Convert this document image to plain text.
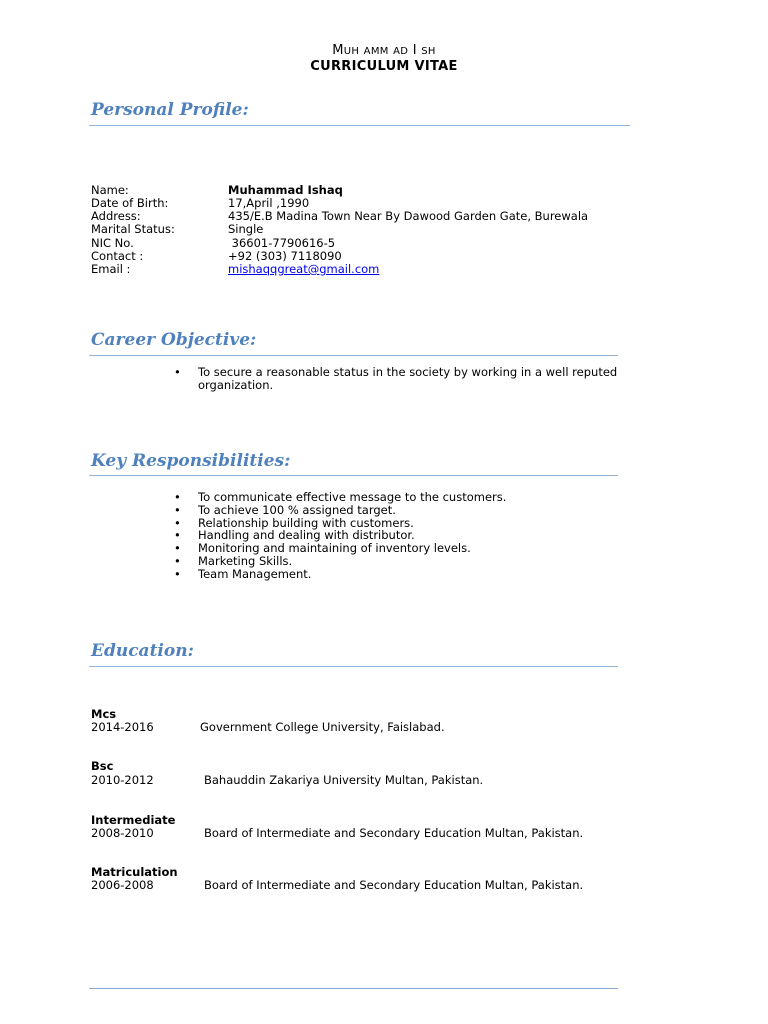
MUH AMM AD I SH
CURRICULUM VITAE
Personal Profile:
Name:	Muhammad Ishaq
Date of Birth:	17,April ,1990
Address:	435/E.B Madina Town Near By Dawood Garden Gate, Burewala
Marital Status:	Single
NIC No.	36601-7790616-5
Contact :	+92 (303) 7118090
Email :	mishaqqgreat@gmail.com
Career Objective:
• To secure a reasonable status in the society by working in a well reputed
organization.
Key Responsibilities:
• To communicate effective message to the customers.
• To achieve 100 % assigned target.
• Relationship building with customers.
• Handling and dealing with distributor.
• Monitoring and maintaining of inventory levels.
• Marketing Skills.
• Team Management.
Education:
Mcs
2014-2016	Government College University, Faislabad.
Bsc
2010-2012	Bahauddin Zakariya University Multan, Pakistan.
Intermediate
2008-2010	Board of Intermediate and Secondary Education Multan, Pakistan.
Matriculation
2006-2008	Board of Intermediate and Secondary Education Multan, Pakistan.
